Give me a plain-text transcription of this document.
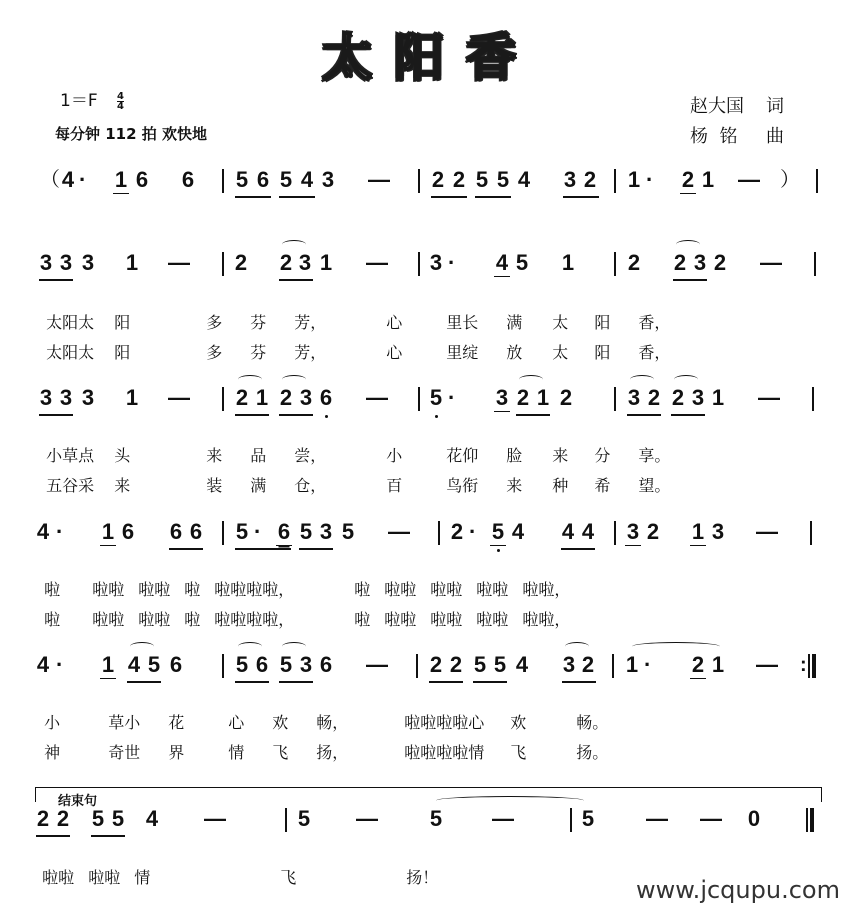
太阳香
$1=F \frac{4}{4}$
每分钟 112 拍 欢快地
赵大国	词
杨  铭	曲
（ 4 · 1 6 6 5 6 5 4 3 — 2 2 5 5 4 3 2 1 · 2 1 — ）
3 3 3 1 — 2 2 3 1 — 3 · 4 5 1 2 2 3 2 —

太阳太 阳	多 芬 芳，	心	里长 满 太 阳 香，

太阳太 阳	多 芬 芳，	心	里绽 放 太 阳 香，

3 3 3 1 — 2 1 2 3 6 — 5 · 3 2 1 2	3 2 2 3 1 —

小草点 头	来 品 尝，	小	花仰 脸 来 分 享。

五谷采 来	装 满 仓，	百	鸟衔 来 种 希 望。

4 · 1 6 6 6 5 · 6 5 3 5 — 2 · 5 4 4 4 3 2 1 3 —

啦 啦啦 啦啦 啦 啦啦啦啦，	啦 啦啦 啦啦 啦啦 啦啦，

啦 啦啦 啦啦 啦 啦啦啦啦，	啦 啦啦 啦啦 啦啦 啦啦，

4 · 1 4 5 6 5 6 5 3 6 — 2 2 5 5 4 3 2 1 · 2 1 — :

小	草小 花	心 欢 畅，	啦啦啦啦心 欢	畅。

神	奇世 界	情 飞 扬，	啦啦啦啦情 飞	扬。

结束句
2 2 5 5 4 —	5 — 5 —	5 — — 0

啦啦 啦啦 情	飞	扬！	www.jcqupu.com
